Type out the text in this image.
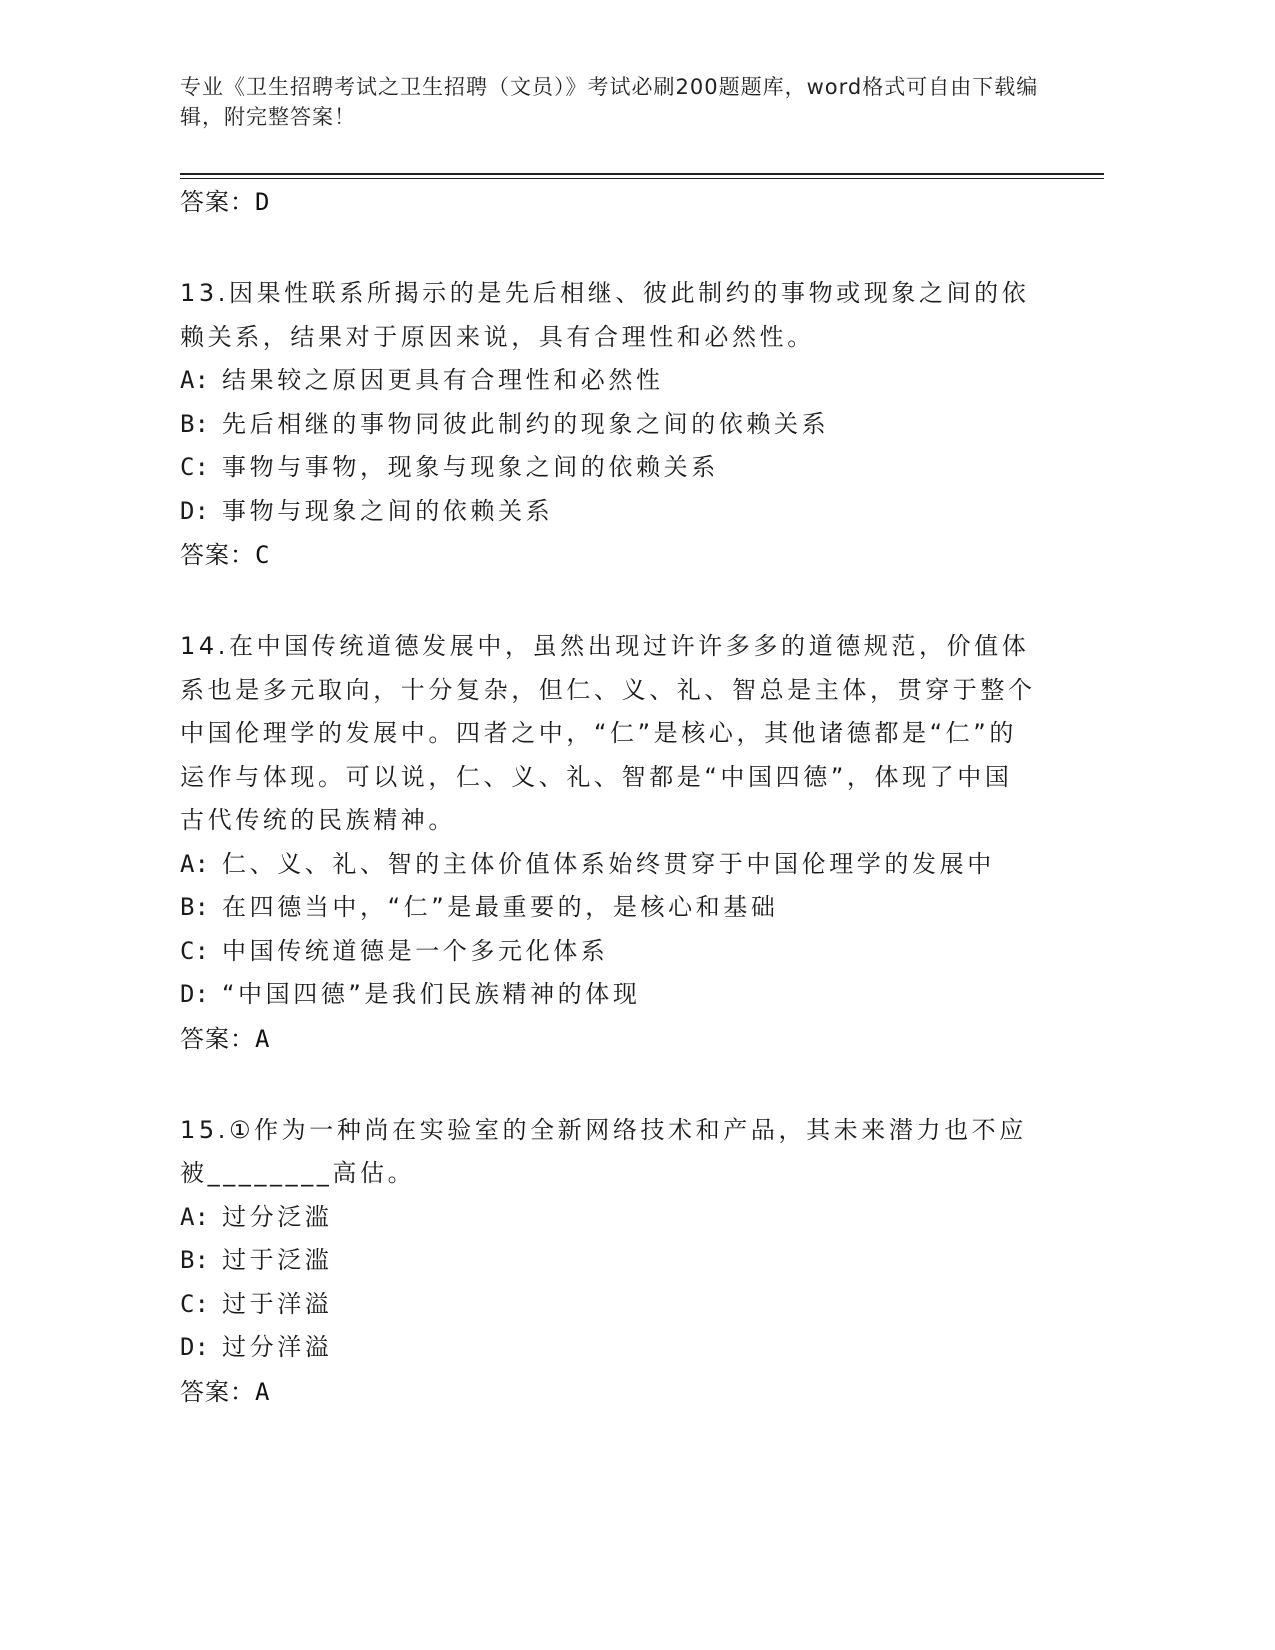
专业《卫生招聘考试之卫生招聘（文员）》考试必刷200题题库，word格式可自由下载编辑，附完整答案！

答案：D

13.因果性联系所揭示的是先后相继、彼此制约的事物或现象之间的依赖关系，结果对于原因来说，具有合理性和必然性。

A: 结果较之原因更具有合理性和必然性

B: 先后相继的事物同彼此制约的现象之间的依赖关系

C: 事物与事物，现象与现象之间的依赖关系

D: 事物与现象之间的依赖关系

答案：C

14.在中国传统道德发展中，虽然出现过许许多多的道德规范，价值体系也是多元取向，十分复杂，但仁、义、礼、智总是主体，贯穿于整个中国伦理学的发展中。四者之中，“仁”是核心，其他诸德都是“仁”的运作与体现。可以说，仁、义、礼、智都是“中国四德”，体现了中国古代传统的民族精神。

A: 仁、义、礼、智的主体价值体系始终贯穿于中国伦理学的发展中

B: 在四德当中，“仁”是最重要的，是核心和基础

C: 中国传统道德是一个多元化体系

D: “中国四德”是我们民族精神的体现

答案：A

15.①作为一种尚在实验室的全新网络技术和产品，其未来潜力也不应被________高估。

A: 过分泛滥

B: 过于泛滥

C: 过于洋溢

D: 过分洋溢

答案：A
